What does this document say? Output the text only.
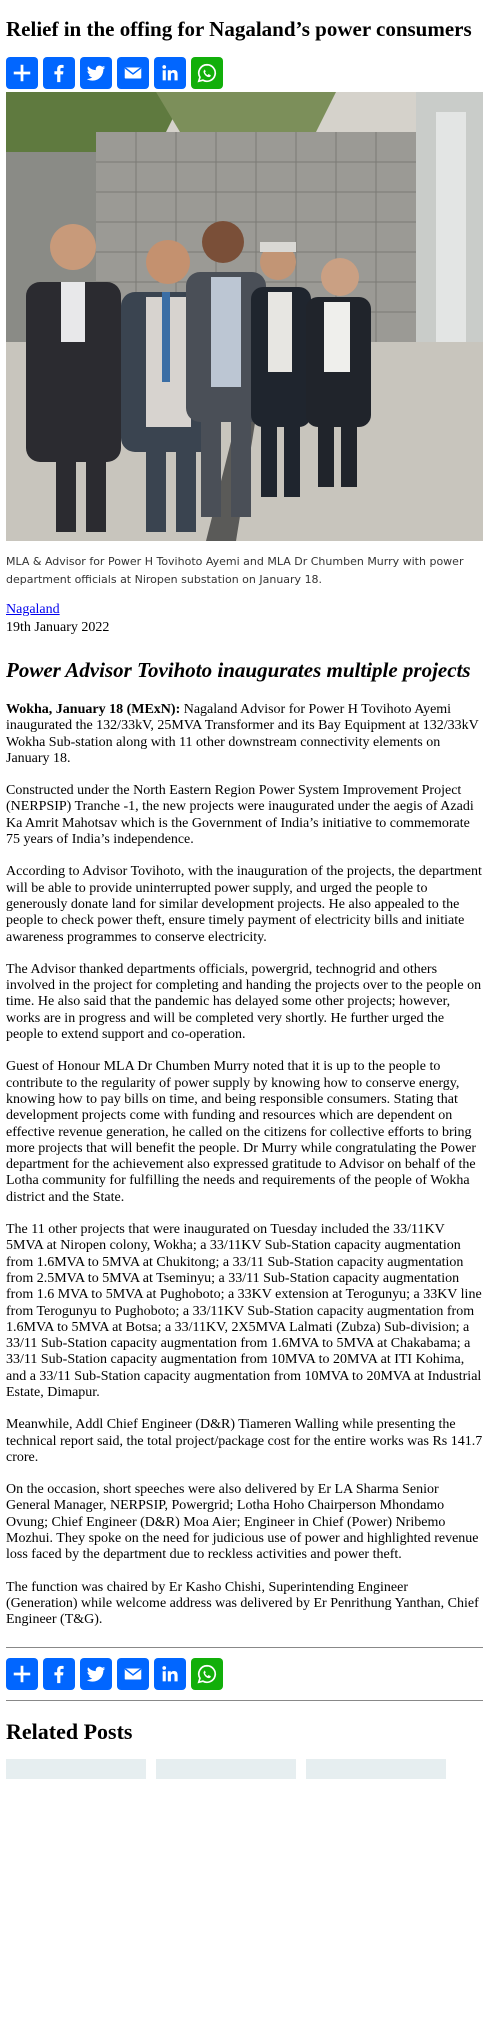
Relief in the offing for Nagaland’s power consumers

MLA & Advisor for Power H Tovihoto Ayemi and MLA Dr Chumben Murry with power department officials at Niropen substation on January 18.

Nagaland
19th January 2022
Power Advisor Tovihoto inaugurates multiple projects

Wokha, January 18 (MExN): Nagaland Advisor for Power H Tovihoto Ayemi inaugurated the 132/33kV, 25MVA Transformer and its Bay Equipment at 132/33kV Wokha Sub-station along with 11 other downstream connectivity elements on January 18.

Constructed under the North Eastern Region Power System Improvement Project (NERPSIP) Tranche -1, the new projects were inaugurated under the aegis of Azadi Ka Amrit Mahotsav which is the Government of India’s initiative to commemorate 75 years of India’s independence.

According to Advisor Tovihoto, with the inauguration of the projects, the department will be able to provide uninterrupted power supply, and urged the people to generously donate land for similar development projects. He also appealed to the people to check power theft, ensure timely payment of electricity bills and initiate awareness programmes to conserve electricity.

The Advisor thanked departments officials, powergrid, technogrid and others involved in the project for completing and handing the projects over to the people on time. He also said that the pandemic has delayed some other projects; however, works are in progress and will be completed very shortly. He further urged the people to extend support and co-operation.

Guest of Honour MLA Dr Chumben Murry noted that it is up to the people to contribute to the regularity of power supply by knowing how to conserve energy, knowing how to pay bills on time, and being responsible consumers. Stating that development projects come with funding and resources which are dependent on effective revenue generation, he called on the citizens for collective efforts to bring more projects that will benefit the people. Dr Murry while congratulating the Power department for the achievement also expressed gratitude to Advisor on behalf of the Lotha community for fulfilling the needs and requirements of the people of Wokha district and the State.

The 11 other projects that were inaugurated on Tuesday included the 33/11KV 5MVA at Niropen colony, Wokha; a 33/11KV Sub-Station capacity augmentation from 1.6MVA to 5MVA at Chukitong; a 33/11 Sub-Station capacity augmentation from 2.5MVA to 5MVA at Tseminyu; a 33/11 Sub-Station capacity augmentation from 1.6 MVA to 5MVA at Pughoboto; a 33KV extension at Terogunyu; a 33KV line from Terogunyu to Pughoboto; a 33/11KV Sub-Station capacity augmentation from 1.6MVA to 5MVA at Botsa; a 33/11KV, 2X5MVA Lalmati (Zubza) Sub-division; a 33/11 Sub-Station capacity augmentation from 1.6MVA to 5MVA at Chakabama; a 33/11 Sub-Station capacity augmentation from 10MVA to 20MVA at ITI Kohima, and a 33/11 Sub-Station capacity augmentation from 10MVA to 20MVA at Industrial Estate, Dimapur.

Meanwhile, Addl Chief Engineer (D&R) Tiameren Walling while presenting the technical report said, the total project/package cost for the entire works was Rs 141.7 crore.

On the occasion, short speeches were also delivered by Er LA Sharma Senior General Manager, NERPSIP, Powergrid; Lotha Hoho Chairperson Mhondamo Ovung; Chief Engineer (D&R) Moa Aier; Engineer in Chief (Power) Nribemo Mozhui. They spoke on the need for judicious use of power and highlighted revenue loss faced by the department due to reckless activities and power theft.

The function was chaired by Er Kasho Chishi, Superintending Engineer (Generation) while welcome address was delivered by Er Penrithung Yanthan, Chief Engineer (T&G).

Related Posts
